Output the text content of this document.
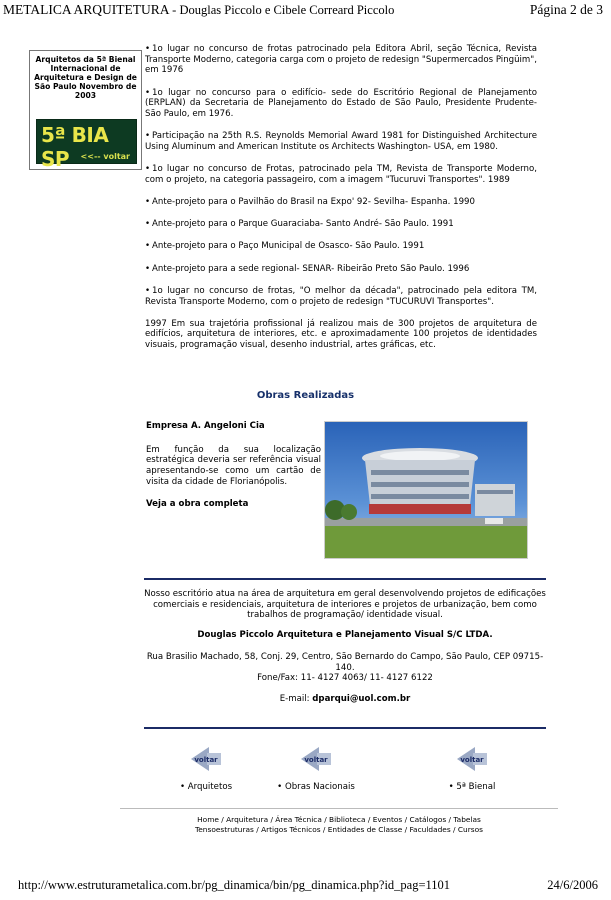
METALICA ARQUITETURA - Douglas Piccolo e Cibele Correard Piccolo	Página 2 de 3
Arquitetos da 5ª Bienal Internacional de Arquitetura e Design de São Paulo Novembro de 2003
5ª BIA SP	<<-- voltar
• 1o lugar no concurso de frotas patrocinado pela Editora Abril, seção Técnica, Revista Transporte Moderno, categoria carga com o projeto de redesign "Supermercados Pingüim", em 1976
• 1o lugar no concurso para o edifício- sede do Escritório Regional de Planejamento (ERPLAN) da Secretaria de Planejamento do Estado de São Paulo, Presidente Prudente- São Paulo, em 1976.
• Participação na 25th R.S. Reynolds Memorial Award 1981 for Distinguished Architecture Using Aluminum and American Institute os Architects Washington- USA, em 1980.
• 1o lugar no concurso de Frotas, patrocinado pela TM, Revista de Transporte Moderno, com o projeto, na categoria passageiro, com a imagem "Tucuruvi Transportes". 1989
• Ante-projeto para o Pavilhão do Brasil na Expo' 92- Sevilha- Espanha. 1990
• Ante-projeto para o Parque Guaraciaba- Santo André- São Paulo. 1991
• Ante-projeto para o Paço Municipal de Osasco- São Paulo. 1991
• Ante-projeto para a sede regional- SENAR- Ribeirão Preto São Paulo. 1996
• 1o lugar no concurso de frotas, "O melhor da década", patrocinado pela editora TM, Revista Transporte Moderno, com o projeto de redesign "TUCURUVI Transportes".
1997 Em sua trajetória profissional já realizou mais de 300 projetos de arquitetura de edifícios, arquitetura de interiores, etc. e aproximadamente 100 projetos de identidades visuais, programação visual, desenho industrial, artes gráficas, etc.
Obras Realizadas
Empresa A. Angeloni Cia
Em função da sua localização estratégica deveria ser referência visual apresentando-se como um cartão de visita da cidade de Florianópolis.
Veja a obra completa
Nosso escritório atua na área de arquitetura em geral desenvolvendo projetos de edificações comerciais e residenciais, arquitetura de interiores e projetos de urbanização, bem como trabalhos de programação/ identidade visual.
Douglas Piccolo Arquitetura e Planejamento Visual S/C LTDA.
Rua Brasilio Machado, 58, Conj. 29, Centro, São Bernardo do Campo, São Paulo, CEP 09715-140.
Fone/Fax: 11- 4127 4063/ 11- 4127 6122
E-mail: dparqui@uol.com.br
voltar
• Arquitetos
voltar
• Obras Nacionais
voltar
• 5ª Bienal
Home / Arquitetura / Área Técnica / Biblioteca / Eventos / Catálogos / Tabelas
Tensoestruturas / Artigos Técnicos / Entidades de Classe / Faculdades / Cursos
http://www.estruturametalica.com.br/pg_dinamica/bin/pg_dinamica.php?id_pag=1101	24/6/2006
